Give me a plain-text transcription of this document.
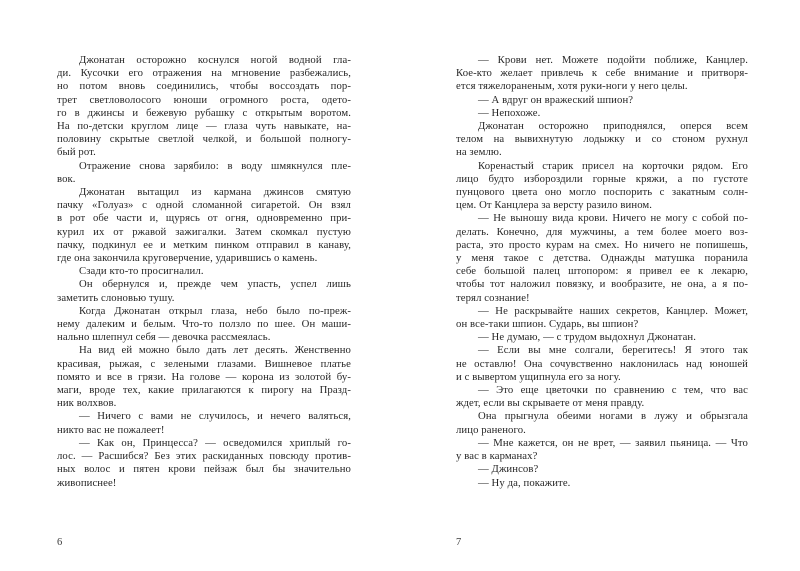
Джонатан осторожно коснулся ногой водной гла-
ди. Кусочки его отражения на мгновение разбежались,
но потом вновь соединились, чтобы воссоздать пор-
трет светловолосого юноши огромного роста, одето-
го в джинсы и бежевую рубашку с открытым воротом.
На по-детски круглом лице — глаза чуть навыкате, на-
половину скрытые светлой челкой, и большой полногу-
бый рот.
Отражение снова зарябило: в воду шмякнулся пле-
вок.
Джонатан вытащил из кармана джинсов смятую
пачку «Голуаз» с одной сломанной сигаретой. Он взял
в рот обе части и, щурясь от огня, одновременно при-
курил их от ржавой зажигалки. Затем скомкал пустую
пачку, подкинул ее и метким пинком отправил в канаву,
где она закончила круговерчение, ударившись о камень.
Сзади кто-то просигналил.
Он обернулся и, прежде чем упасть, успел лишь
заметить слоновью тушу.
Когда Джонатан открыл глаза, небо было по-преж-
нему далеким и белым. Что-то ползло по шее. Он маши-
нально шлепнул себя — девочка рассмеялась.
На вид ей можно было дать лет десять. Женственно
красивая, рыжая, с зелеными глазами. Вишневое платье
помято и все в грязи. На голове — корона из золотой бу-
маги, вроде тех, какие прилагаются к пирогу на Празд-
ник волхвов.
— Ничего с вами не случилось, и нечего валяться,
никто вас не пожалеет!
— Как он, Принцесса? — осведомился хриплый го-
лос. — Расшибся? Без этих раскиданных повсюду против-
ных волос и пятен крови пейзаж был бы значительно
живописнее!
6
— Крови нет. Можете подойти поближе, Канцлер.
Кое-кто желает привлечь к себе внимание и притворя-
ется тяжелораненым, хотя руки-ноги у него целы.
— А вдруг он вражеский шпион?
— Непохоже.
Джонатан осторожно приподнялся, оперся всем
телом на вывихнутую лодыжку и со стоном рухнул
на землю.
Коренастый старик присел на корточки рядом. Его
лицо будто избороздили горные кряжи, а по густоте
пунцового цвета оно могло поспорить с закатным солн-
цем. От Канцлера за версту разило вином.
— Не выношу вида крови. Ничего не могу с собой по-
делать. Конечно, для мужчины, а тем более моего воз-
раста, это просто курам на смех. Но ничего не попишешь,
у меня такое с детства. Однажды матушка поранила
себе большой палец штопором: я привел ее к лекарю,
чтобы тот наложил повязку, и вообразите, не она, а я по-
терял сознание!
— Не раскрывайте наших секретов, Канцлер. Может,
он все-таки шпион. Сударь, вы шпион?
— Не думаю, — с трудом выдохнул Джонатан.
— Если вы мне солгали, берегитесь! Я этого так
не оставлю! Она сочувственно наклонилась над юношей
и с вывертом ущипнула его за ногу.
— Это еще цветочки по сравнению с тем, что вас
ждет, если вы скрываете от меня правду.
Она прыгнула обеими ногами в лужу и обрызгала
лицо раненого.
— Мне кажется, он не врет, — заявил пьяница. — Что
у вас в карманах?
— Джинсов?
— Ну да, покажите.
7
